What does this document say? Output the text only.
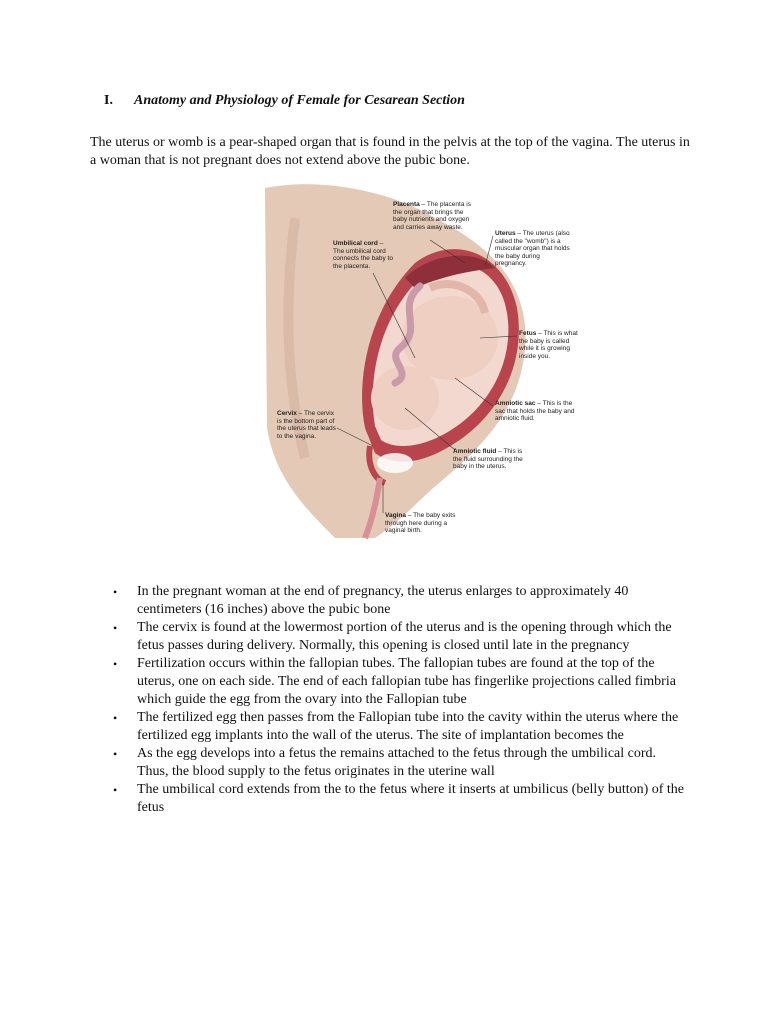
I.	Anatomy and Physiology of Female for Cesarean Section

The uterus or womb is a pear-shaped organ that is found in the pelvis at the top of the vagina. The uterus in a woman that is not pregnant does not extend above the pubic bone.

Placenta – The placenta is the organ that brings the baby nutrients and oxygen and carries away waste.
Umbilical cord – The umbilical cord connects the baby to the placenta.
Uterus – The uterus (also called the "womb") is a muscular organ that holds the baby during pregnancy.
Fetus – This is what the baby is called while it is growing inside you.
Amniotic sac – This is the sac that holds the baby and amniotic fluid.
Cervix – The cervix is the bottom part of the uterus that leads to the vagina.
Amniotic fluid – This is the fluid surrounding the baby in the uterus.
Vagina – The baby exits through here during a vaginal birth.
• In the pregnant woman at the end of pregnancy, the uterus enlarges to approximately 40 centimeters (16 inches) above the pubic bone
• The cervix is found at the lowermost portion of the uterus and is the opening through which the fetus passes during delivery. Normally, this opening is closed until late in the pregnancy
• Fertilization occurs within the fallopian tubes. The fallopian tubes are found at the top of the uterus, one on each side. The end of each fallopian tube has fingerlike projections called fimbria which guide the egg from the ovary into the Fallopian tube
• The fertilized egg then passes from the Fallopian tube into the cavity within the uterus where the fertilized egg implants into the wall of the uterus. The site of implantation becomes the
• As the egg develops into a fetus the remains attached to the fetus through the umbilical cord. Thus, the blood supply to the fetus originates in the uterine wall
• The umbilical cord extends from the to the fetus where it inserts at umbilicus (belly button) of the fetus
